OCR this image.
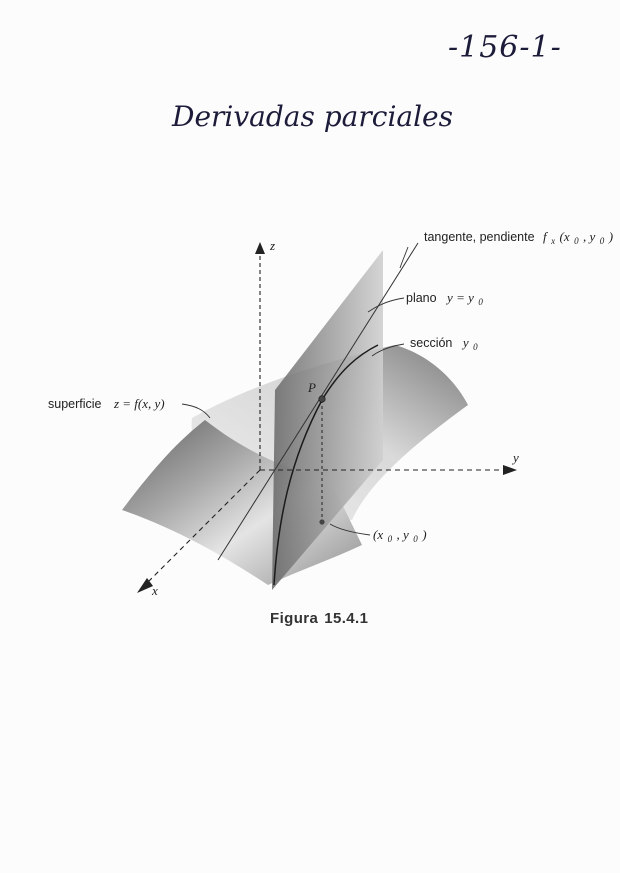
-156-1-
Derivadas parciales
z
y
x
tangente, pendiente f x (x 0 , y 0 )
plano y = y 0
sección y 0
superficie z = f(x, y)
P
(x 0 , y 0 )
Figura 15.4.1
